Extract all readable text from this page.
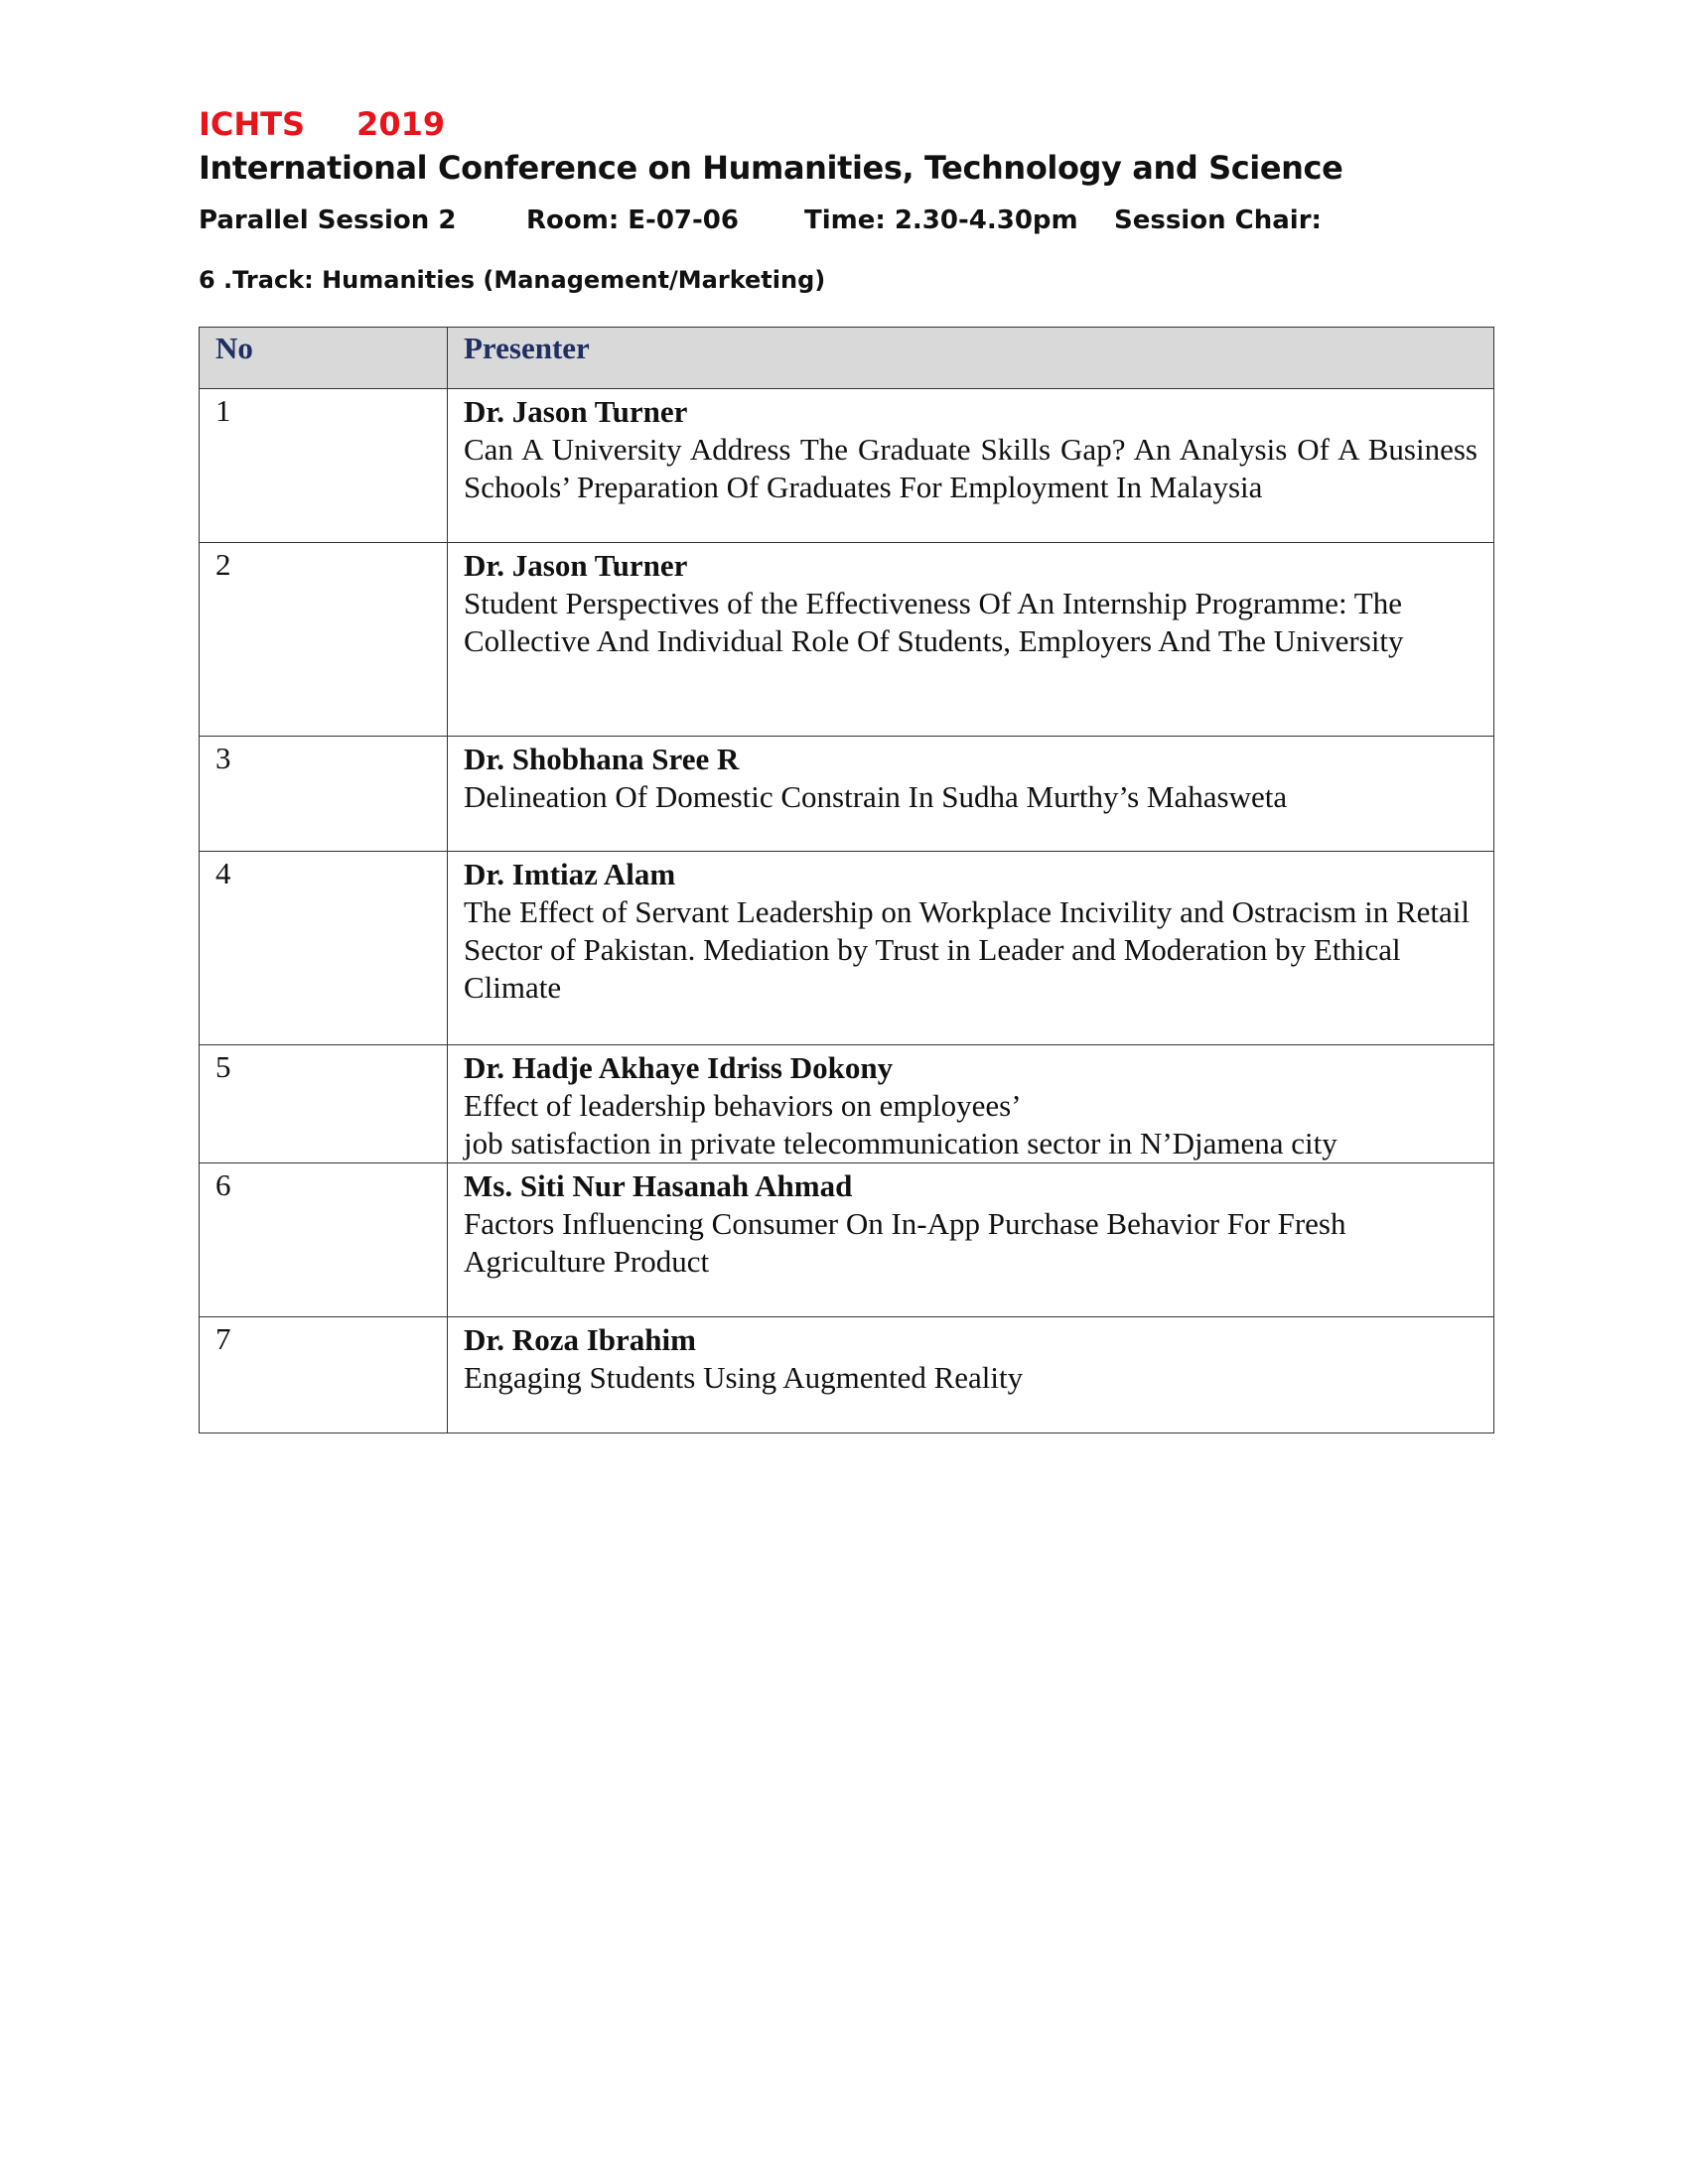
ICHTS 2019
International Conference on Humanities, Technology and Science
Parallel Session 2	Room: E-07-06	Time: 2.30-4.30pm	Session Chair:
6 .Track: Humanities (Management/Marketing)
No	Presenter
1	Dr. Jason Turner
Can A University Address The Graduate Skills Gap? An Analysis Of A Business Schools’ Preparation Of Graduates For Employment In Malaysia

2	Dr. Jason Turner
Student Perspectives of the Effectiveness Of An Internship Programme: The Collective And Individual Role Of Students, Employers And The University

3	Dr. Shobhana Sree R
Delineation Of Domestic Constrain In Sudha Murthy’s Mahasweta

4	Dr. Imtiaz Alam
The Effect of Servant Leadership on Workplace Incivility and Ostracism in Retail Sector of Pakistan. Mediation by Trust in Leader and Moderation by Ethical Climate

5	Dr. Hadje Akhaye Idriss Dokony
Effect of leadership behaviors on employees’
job satisfaction in private telecommunication sector in N’Djamena city

6	Ms. Siti Nur Hasanah Ahmad
Factors Influencing Consumer On In-App Purchase Behavior For Fresh Agriculture Product

7	Dr. Roza Ibrahim
Engaging Students Using Augmented Reality
